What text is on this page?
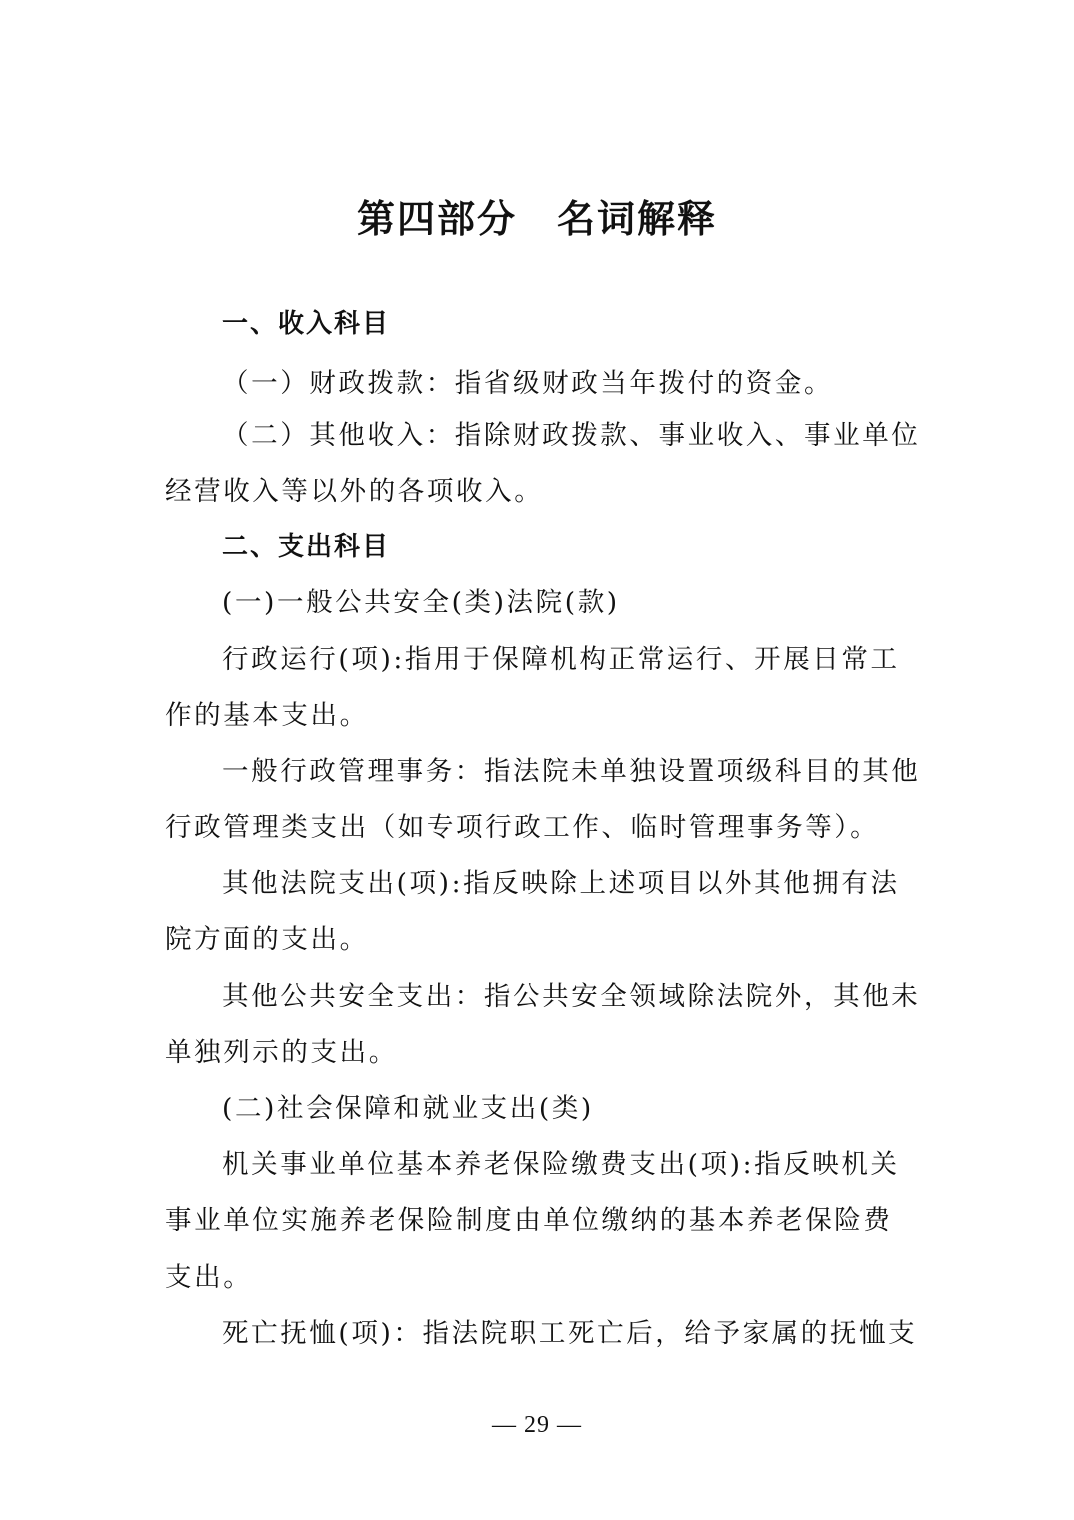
第四部分　名词解释
一、收入科目
（一）财政拨款：指省级财政当年拨付的资金。
（二）其他收入：指除财政拨款、事业收入、事业单位
经营收入等以外的各项收入。
二、支出科目
(一)一般公共安全(类)法院(款)
行政运行(项):指用于保障机构正常运行、开展日常工
作的基本支出。
一般行政管理事务：指法院未单独设置项级科目的其他
行政管理类支出（如专项行政工作、临时管理事务等）。
其他法院支出(项):指反映除上述项目以外其他拥有法
院方面的支出。
其他公共安全支出：指公共安全领域除法院外，其他未
单独列示的支出。
(二)社会保障和就业支出(类)
机关事业单位基本养老保险缴费支出(项):指反映机关
事业单位实施养老保险制度由单位缴纳的基本养老保险费
支出。
死亡抚恤(项)：指法院职工死亡后，给予家属的抚恤支
— 29 —
